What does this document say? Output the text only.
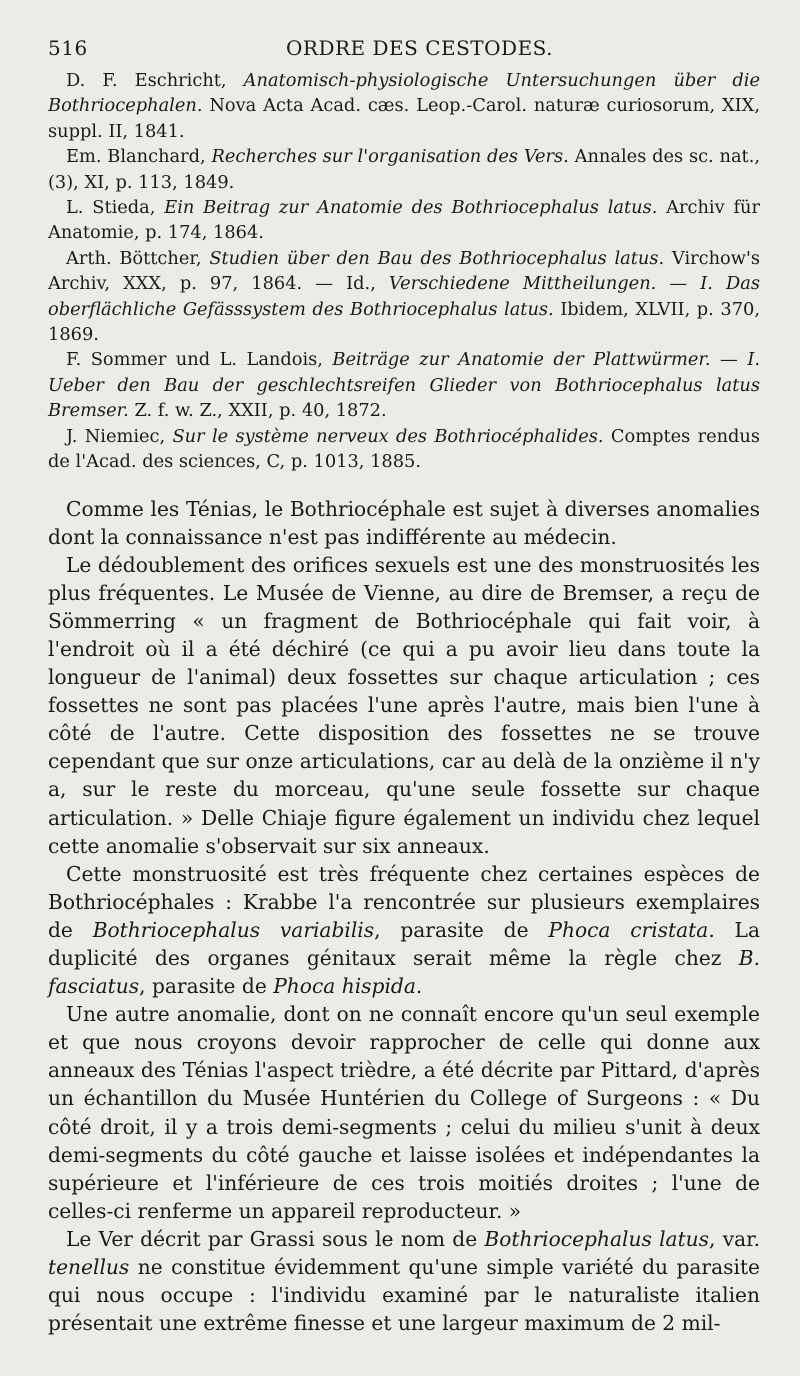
516	ORDRE DES CESTODES.

D. F. Eschricht, Anatomisch-physiologische Untersuchungen über die Bothriocephalen. Nova Acta Acad. cæs. Leop.-Carol. naturæ curiosorum, XIX, suppl. II, 1841.

Em. Blanchard, Recherches sur l'organisation des Vers. Annales des sc. nat., (3), XI, p. 113, 1849.

L. Stieda, Ein Beitrag zur Anatomie des Bothriocephalus latus. Archiv für Anatomie, p. 174, 1864.

Arth. Böttcher, Studien über den Bau des Bothriocephalus latus. Virchow's Archiv, XXX, p. 97, 1864. — Id., Verschiedene Mittheilungen. — I. Das oberflächliche Gefässsystem des Bothriocephalus latus. Ibidem, XLVII, p. 370, 1869.

F. Sommer und L. Landois, Beiträge zur Anatomie der Plattwürmer. — I. Ueber den Bau der geschlechtsreifen Glieder von Bothriocephalus latus Bremser. Z. f. w. Z., XXII, p. 40, 1872.

J. Niemiec, Sur le système nerveux des Bothriocéphalides. Comptes rendus de l'Acad. des sciences, C, p. 1013, 1885.

Comme les Ténias, le Bothriocéphale est sujet à diverses anomalies dont la connaissance n'est pas indifférente au médecin.

Le dédoublement des orifices sexuels est une des monstruosités les plus fréquentes. Le Musée de Vienne, au dire de Bremser, a reçu de Sömmerring « un fragment de Bothriocéphale qui fait voir, à l'endroit où il a été déchiré (ce qui a pu avoir lieu dans toute la longueur de l'animal) deux fossettes sur chaque articulation ; ces fossettes ne sont pas placées l'une après l'autre, mais bien l'une à côté de l'autre. Cette disposition des fossettes ne se trouve cependant que sur onze articulations, car au delà de la onzième il n'y a, sur le reste du morceau, qu'une seule fossette sur chaque articulation. » Delle Chiaje figure également un individu chez lequel cette anomalie s'observait sur six anneaux.

Cette monstruosité est très fréquente chez certaines espèces de Bothriocéphales : Krabbe l'a rencontrée sur plusieurs exemplaires de Bothriocephalus variabilis, parasite de Phoca cristata. La duplicité des organes génitaux serait même la règle chez B. fasciatus, parasite de Phoca hispida.

Une autre anomalie, dont on ne connaît encore qu'un seul exemple et que nous croyons devoir rapprocher de celle qui donne aux anneaux des Ténias l'aspect trièdre, a été décrite par Pittard, d'après un échantillon du Musée Huntérien du College of Surgeons : « Du côté droit, il y a trois demi-segments ; celui du milieu s'unit à deux demi-segments du côté gauche et laisse isolées et indépendantes la supérieure et l'inférieure de ces trois moitiés droites ; l'une de celles-ci renferme un appareil reproducteur. »

Le Ver décrit par Grassi sous le nom de Bothriocephalus latus, var. tenellus ne constitue évidemment qu'une simple variété du parasite qui nous occupe : l'individu examiné par le naturaliste italien présentait une extrême finesse et une largeur maximum de 2 mil-
